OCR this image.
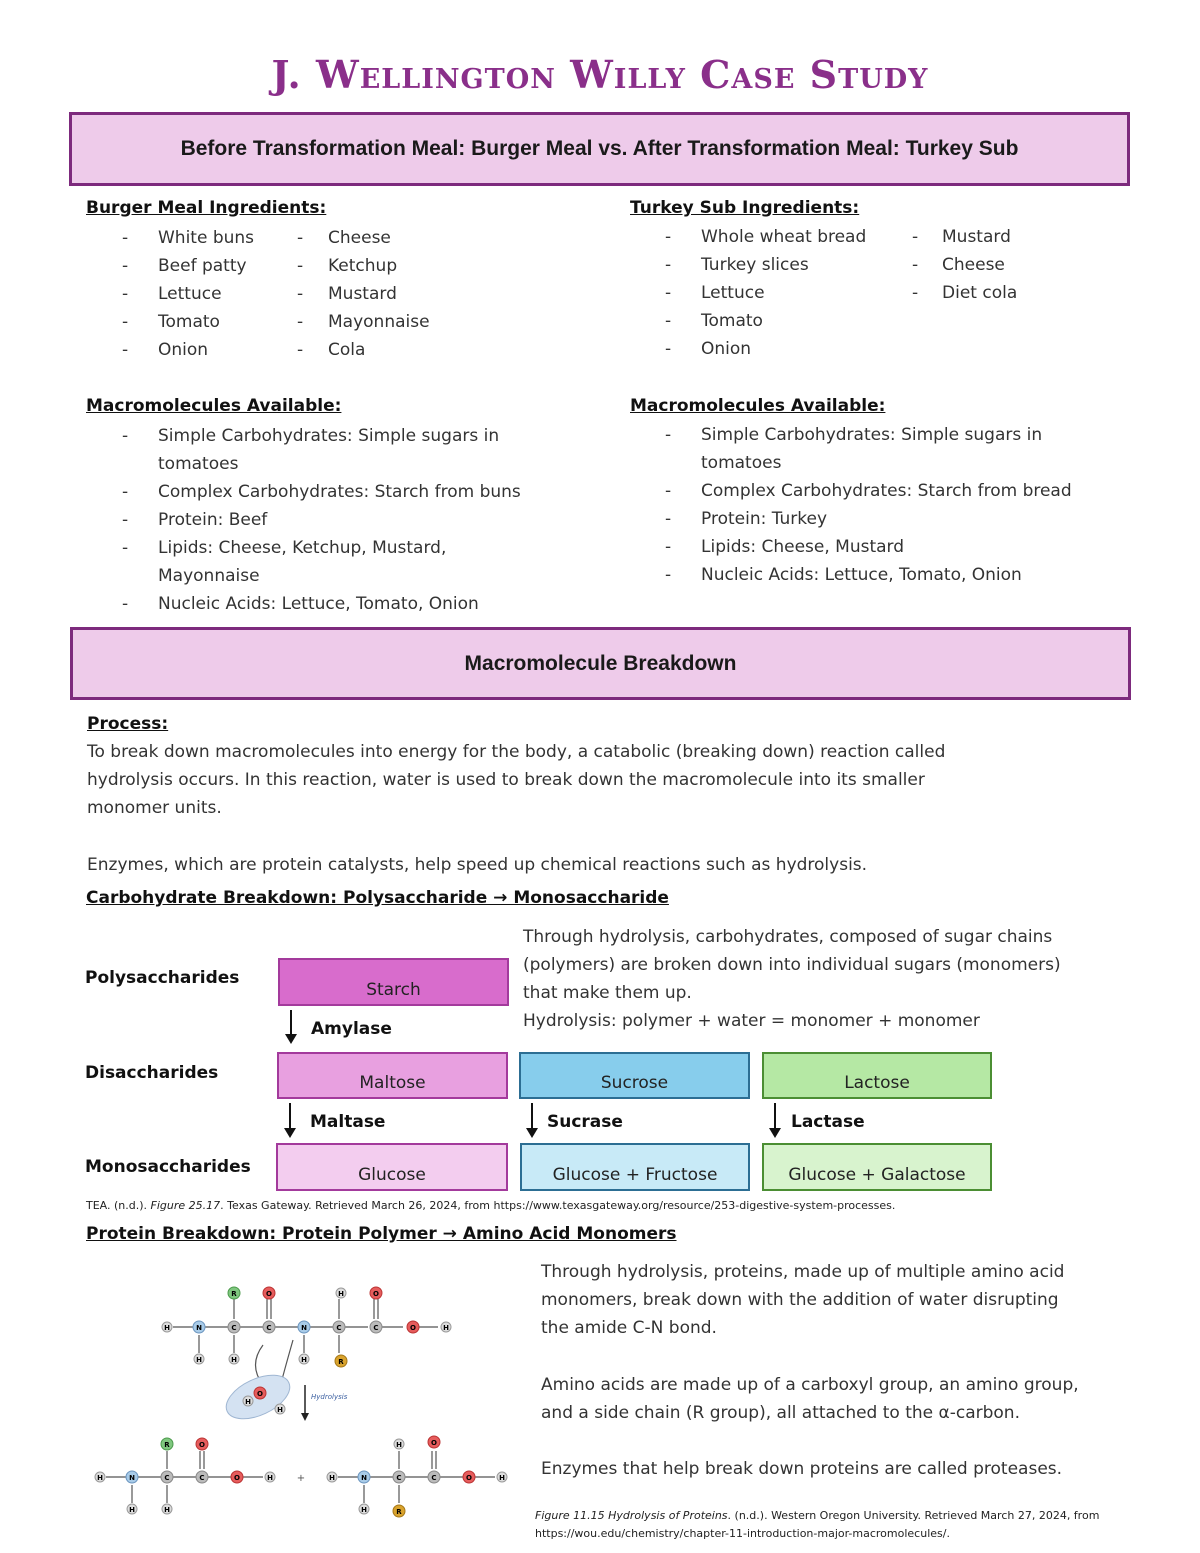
J. Wellington Willy Case Study
Before Transformation Meal: Burger Meal vs. After Transformation Meal: Turkey Sub
Burger Meal Ingredients:
- White buns
- Beef patty
- Lettuce
- Tomato
- Onion
- Cheese
- Ketchup
- Mustard
- Mayonnaise
- Cola
Turkey Sub Ingredients:
- Whole wheat bread
- Turkey slices
- Lettuce
- Tomato
- Onion
- Mustard
- Cheese
- Diet cola
Macromolecules Available:
- Simple Carbohydrates: Simple sugars in
tomatoes
- Complex Carbohydrates: Starch from buns
- Protein: Beef
- Lipids: Cheese, Ketchup, Mustard,
Mayonnaise
- Nucleic Acids: Lettuce, Tomato, Onion
Macromolecules Available:
- Simple Carbohydrates: Simple sugars in
tomatoes
- Complex Carbohydrates: Starch from bread
- Protein: Turkey
- Lipids: Cheese, Mustard
- Nucleic Acids: Lettuce, Tomato, Onion
Macromolecule Breakdown
Process:
To break down macromolecules into energy for the body, a catabolic (breaking down) reaction called
hydrolysis occurs. In this reaction, water is used to break down the macromolecule into its smaller
monomer units.
Enzymes, which are protein catalysts, help speed up chemical reactions such as hydrolysis.
Carbohydrate Breakdown: Polysaccharide → Monosaccharide
Through hydrolysis, carbohydrates, composed of sugar chains
(polymers) are broken down into individual sugars (monomers)
that make them up.
Hydrolysis: polymer + water = monomer + monomer
Polysaccharides
Disaccharides
Monosaccharides
Starch
Amylase
Maltose	Sucrose	Lactose
Maltase	Sucrase	Lactase
Glucose	Glucose + Fructose	Glucose + Galactose
TEA. (n.d.). Figure 25.17. Texas Gateway. Retrieved March 26, 2024, from https://www.texasgateway.org/resource/253-digestive-system-processes.
Protein Breakdown: Protein Polymer → Amino Acid Monomers
Through hydrolysis, proteins, made up of multiple amino acid
monomers, break down with the addition of water disrupting
the amide C-N bond.
Amino acids are made up of a carboxyl group, an amino group,
and a side chain (R group), all attached to the α-carbon.
Enzymes that help break down proteins are called proteases.
Figure 11.15 Hydrolysis of Proteins. (n.d.). Western Oregon University. Retrieved March 27, 2024, from
https://wou.edu/chemistry/chapter-11-introduction-major-macromolecules/.
Hydrolysis
H	N	C	C	N	C	C	O	H
R	O	H	O
H	H	H	R
O
H
H
H	N	C	C	O	H
R	O
H	H
H	N	C	C	O	H
H	O
H	R
+
